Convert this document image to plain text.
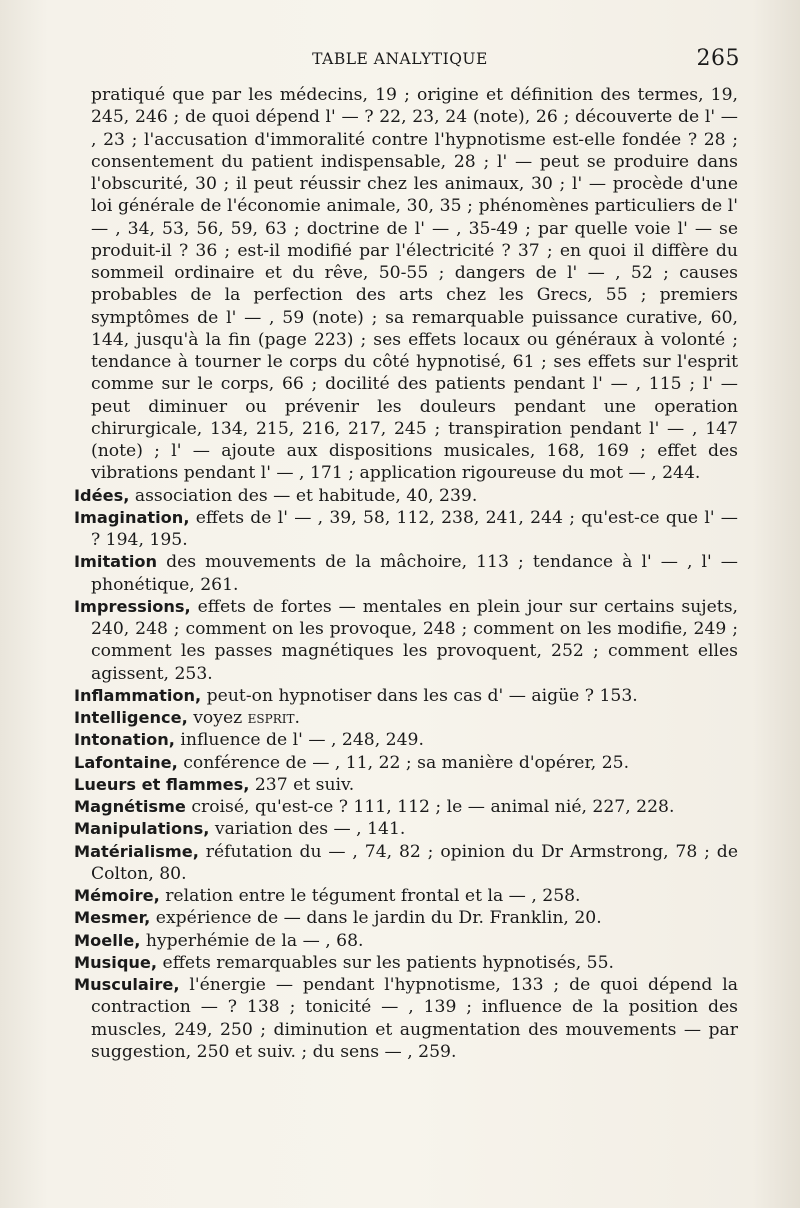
TABLE ANALYTIQUE	265

pratiqué que par les médecins, 19 ; origine et définition des termes, 19, 245, 246 ; de quoi dépend l' — ? 22, 23, 24 (note), 26 ; découverte de l' — , 23 ; l'accusation d'immoralité contre l'hypnotisme est-elle fondée ? 28 ; consentement du patient indispensable, 28 ; l' — peut se produire dans l'obscurité, 30 ; il peut réussir chez les animaux, 30 ; l' — procède d'une loi générale de l'économie animale, 30, 35 ; phénomènes particuliers de l' — , 34, 53, 56, 59, 63 ; doctrine de l' — , 35-49 ; par quelle voie l' — se produit-il ? 36 ; est-il modifié par l'électricité ? 37 ; en quoi il diffère du sommeil ordinaire et du rêve, 50-55 ; dangers de l' — , 52 ; causes probables de la perfection des arts chez les Grecs, 55 ; premiers symptômes de l' — , 59 (note) ; sa remarquable puissance curative, 60, 144, jusqu'à la fin (page 223) ; ses effets locaux ou généraux à volonté ; tendance à tourner le corps du côté hypnotisé, 61 ; ses effets sur l'esprit comme sur le corps, 66 ; docilité des patients pendant l' — , 115 ; l' — peut diminuer ou prévenir les douleurs pendant une operation chirurgicale, 134, 215, 216, 217, 245 ; transpiration pendant l' — , 147 (note) ; l' — ajoute aux dispositions musicales, 168, 169 ; effet des vibrations pendant l' — , 171 ; application rigoureuse du mot — , 244.

Idées, association des — et habitude, 40, 239.

Imagination, effets de l' — , 39, 58, 112, 238, 241, 244 ; qu'est-ce que l' — ? 194, 195.

Imitation des mouvements de la mâchoire, 113 ; tendance à l' — , l' — phonétique, 261.

Impressions, effets de fortes — mentales en plein jour sur certains sujets, 240, 248 ; comment on les provoque, 248 ; comment on les modifie, 249 ; comment les passes magnétiques les provoquent, 252 ; comment elles agissent, 253.

Inflammation, peut-on hypnotiser dans les cas d' — aigüe ? 153.

Intelligence, voyez esprit.

Intonation, influence de l' — , 248, 249.

Lafontaine, conférence de — , 11, 22 ; sa manière d'opérer, 25.

Lueurs et flammes, 237 et suiv.

Magnétisme croisé, qu'est-ce ? 111, 112 ; le — animal nié, 227, 228.

Manipulations, variation des — , 141.

Matérialisme, réfutation du — , 74, 82 ; opinion du Dr Armstrong, 78 ; de Colton, 80.

Mémoire, relation entre le tégument frontal et la — , 258.

Mesmer, expérience de — dans le jardin du Dr. Franklin, 20.

Moelle, hyperhémie de la — , 68.

Musique, effets remarquables sur les patients hypnotisés, 55.

Musculaire, l'énergie — pendant l'hypnotisme, 133 ; de quoi dépend la contraction — ? 138 ; tonicité — , 139 ; influence de la position des muscles, 249, 250 ; diminution et augmentation des mouvements — par suggestion, 250 et suiv. ; du sens — , 259.
